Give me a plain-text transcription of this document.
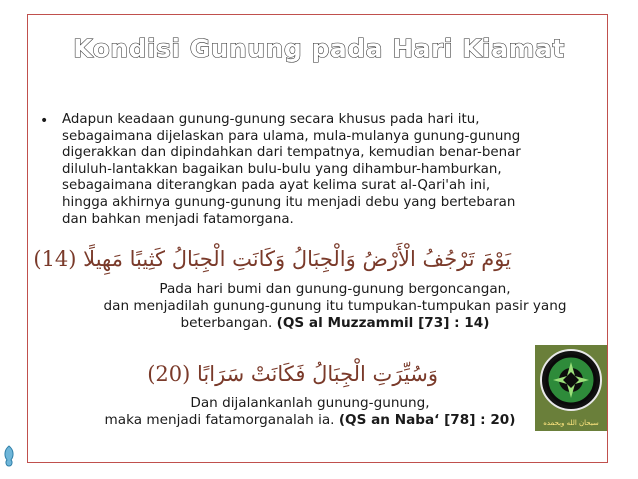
Kondisi Gunung pada Hari Kiamat
• Adapun keadaan gunung-gunung secara khusus pada hari itu,
sebagaimana dijelaskan para ulama, mula-mulanya gunung-gunung
digerakkan dan dipindahkan dari tempatnya, kemudian benar-benar
diluluh-lantakkan bagaikan bulu-bulu yang dihambur-hamburkan,
sebagaimana diterangkan pada ayat kelima surat al-Qari'ah ini,
hingga akhirnya gunung-gunung itu menjadi debu yang bertebaran
dan bahkan menjadi fatamorgana.
يَوْمَ تَرْجُفُ الْأَرْضُ وَالْجِبَالُ وَكَانَتِ الْجِبَالُ كَثِيبًا مَهِيلًا (14)
Pada hari bumi dan gunung-gunung bergoncangan,
dan menjadilah gunung-gunung itu tumpukan-tumpukan pasir yang
beterbangan. (QS al Muzzammil [73] : 14)
وَسُيِّرَتِ الْجِبَالُ فَكَانَتْ سَرَابًا (20)
Dan dijalankanlah gunung-gunung,
maka menjadi fatamorganalah ia. (QS an Naba‘ [78] : 20)	سبحان الله وبحمده
